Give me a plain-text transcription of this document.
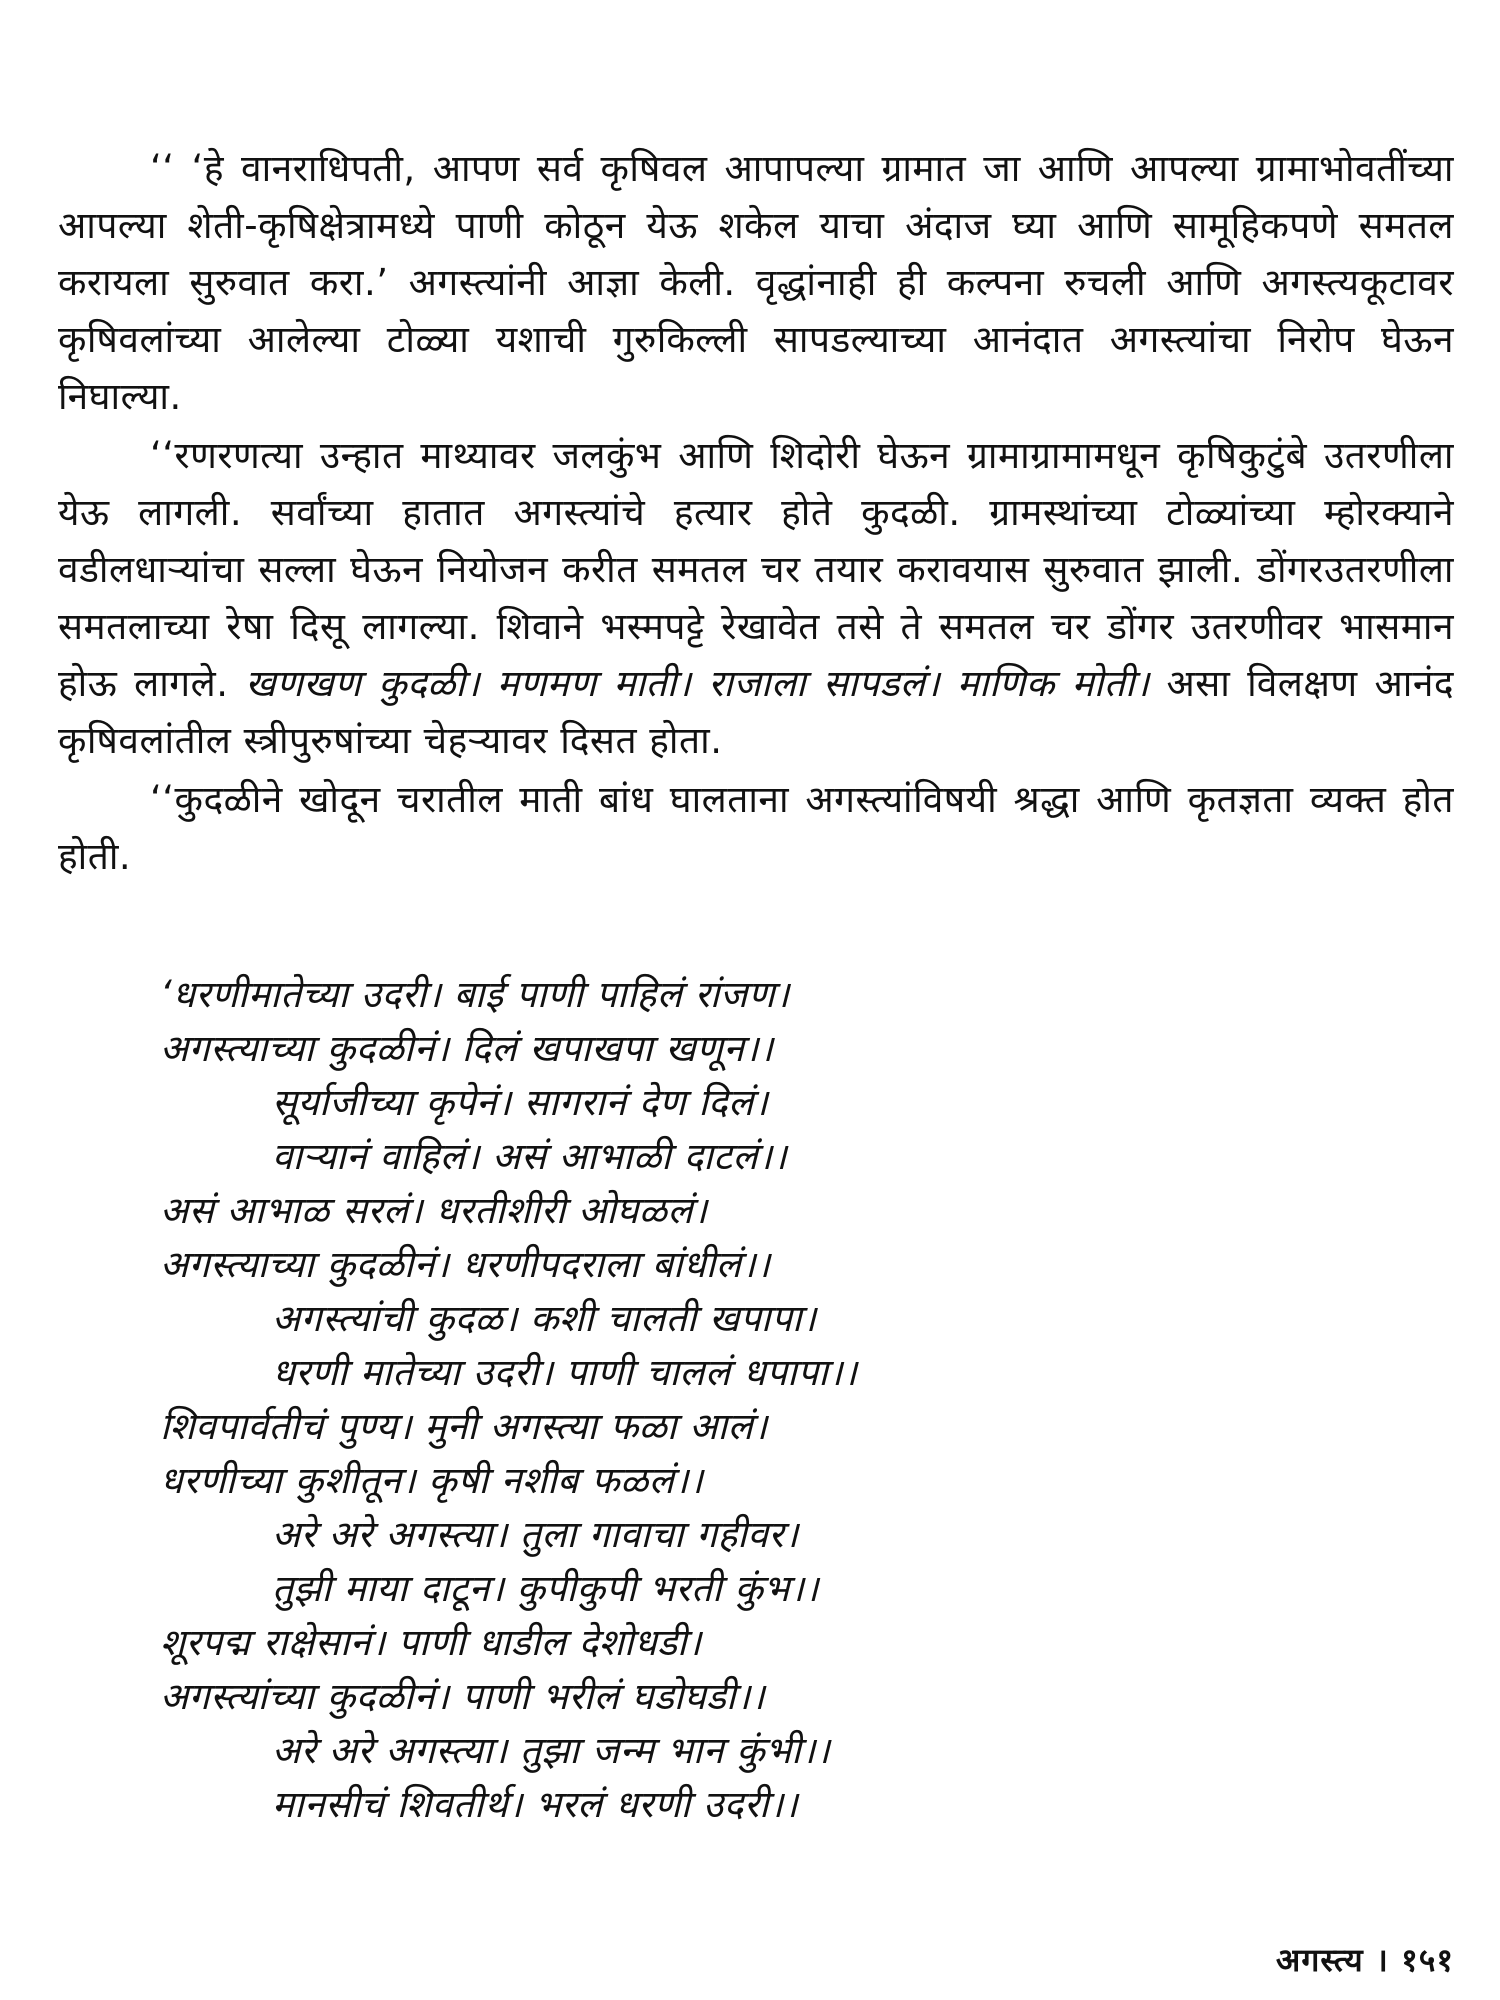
‘‘ ‘हे वानराधिपती, आपण सर्व कृषिवल आपापल्या ग्रामात जा आणि आपल्या ग्रामाभोवतींच्या आपल्या शेती-कृषिक्षेत्रामध्ये पाणी कोठून येऊ शकेल याचा अंदाज घ्या आणि सामूहिकपणे समतल करायला सुरुवात करा.’ अगस्त्यांनी आज्ञा केली. वृद्धांनाही ही कल्पना रुचली आणि अगस्त्यकूटावर कृषिवलांच्या आलेल्या टोळ्या यशाची गुरुकिल्ली सापडल्याच्या आनंदात अगस्त्यांचा निरोप घेऊन निघाल्या.

‘‘रणरणत्या उन्हात माथ्यावर जलकुंभ आणि शिदोरी घेऊन ग्रामाग्रामामधून कृषिकुटुंबे उतरणीला येऊ लागली. सर्वांच्या हातात अगस्त्यांचे हत्यार होते कुदळी. ग्रामस्थांच्या टोळ्यांच्या म्होरक्याने वडीलधाऱ्यांचा सल्ला घेऊन नियोजन करीत समतल चर तयार करावयास सुरुवात झाली. डोंगरउतरणीला समतलाच्या रेषा दिसू लागल्या. शिवाने भस्मपट्टे रेखावेत तसे ते समतल चर डोंगर उतरणीवर भासमान होऊ लागले. खणखण कुदळी। मणमण माती। राजाला सापडलं। माणिक मोती। असा विलक्षण आनंद कृषिवलांतील स्त्रीपुरुषांच्या चेहऱ्यावर दिसत होता.

‘‘कुदळीने खोदून चरातील माती बांध घालताना अगस्त्यांविषयी श्रद्धा आणि कृतज्ञता व्यक्त होत होती.

‘धरणीमातेच्या उदरी। बाई पाणी पाहिलं रांजण।
अगस्त्याच्या कुदळीनं। दिलं खपाखपा खणून।।
सूर्याजीच्या कृपेनं। सागरानं देण दिलं।
वाऱ्यानं वाहिलं। असं आभाळी दाटलं।।
असं आभाळ सरलं। धरतीशीरी ओघळलं।
अगस्त्याच्या कुदळीनं। धरणीपदराला बांधीलं।।
अगस्त्यांची कुदळ। कशी चालती खपापा।
धरणी मातेच्या उदरी। पाणी चाललं धपापा।।
शिवपार्वतीचं पुण्य। मुनी अगस्त्या फळा आलं।
धरणीच्या कुशीतून। कृषी नशीब फळलं।।
अरे अरे अगस्त्या। तुला गावाचा गहीवर।
तुझी माया दाटून। कुपीकुपी भरती कुंभ।।
शूरपद्म राक्षेसानं। पाणी धाडील देशोधडी।
अगस्त्यांच्या कुदळीनं। पाणी भरीलं घडोघडी।।
अरे अरे अगस्त्या। तुझा जन्म भान कुंभी।।
मानसीचं शिवतीर्थ। भरलं धरणी उदरी।।
अगस्त्य । १५१
